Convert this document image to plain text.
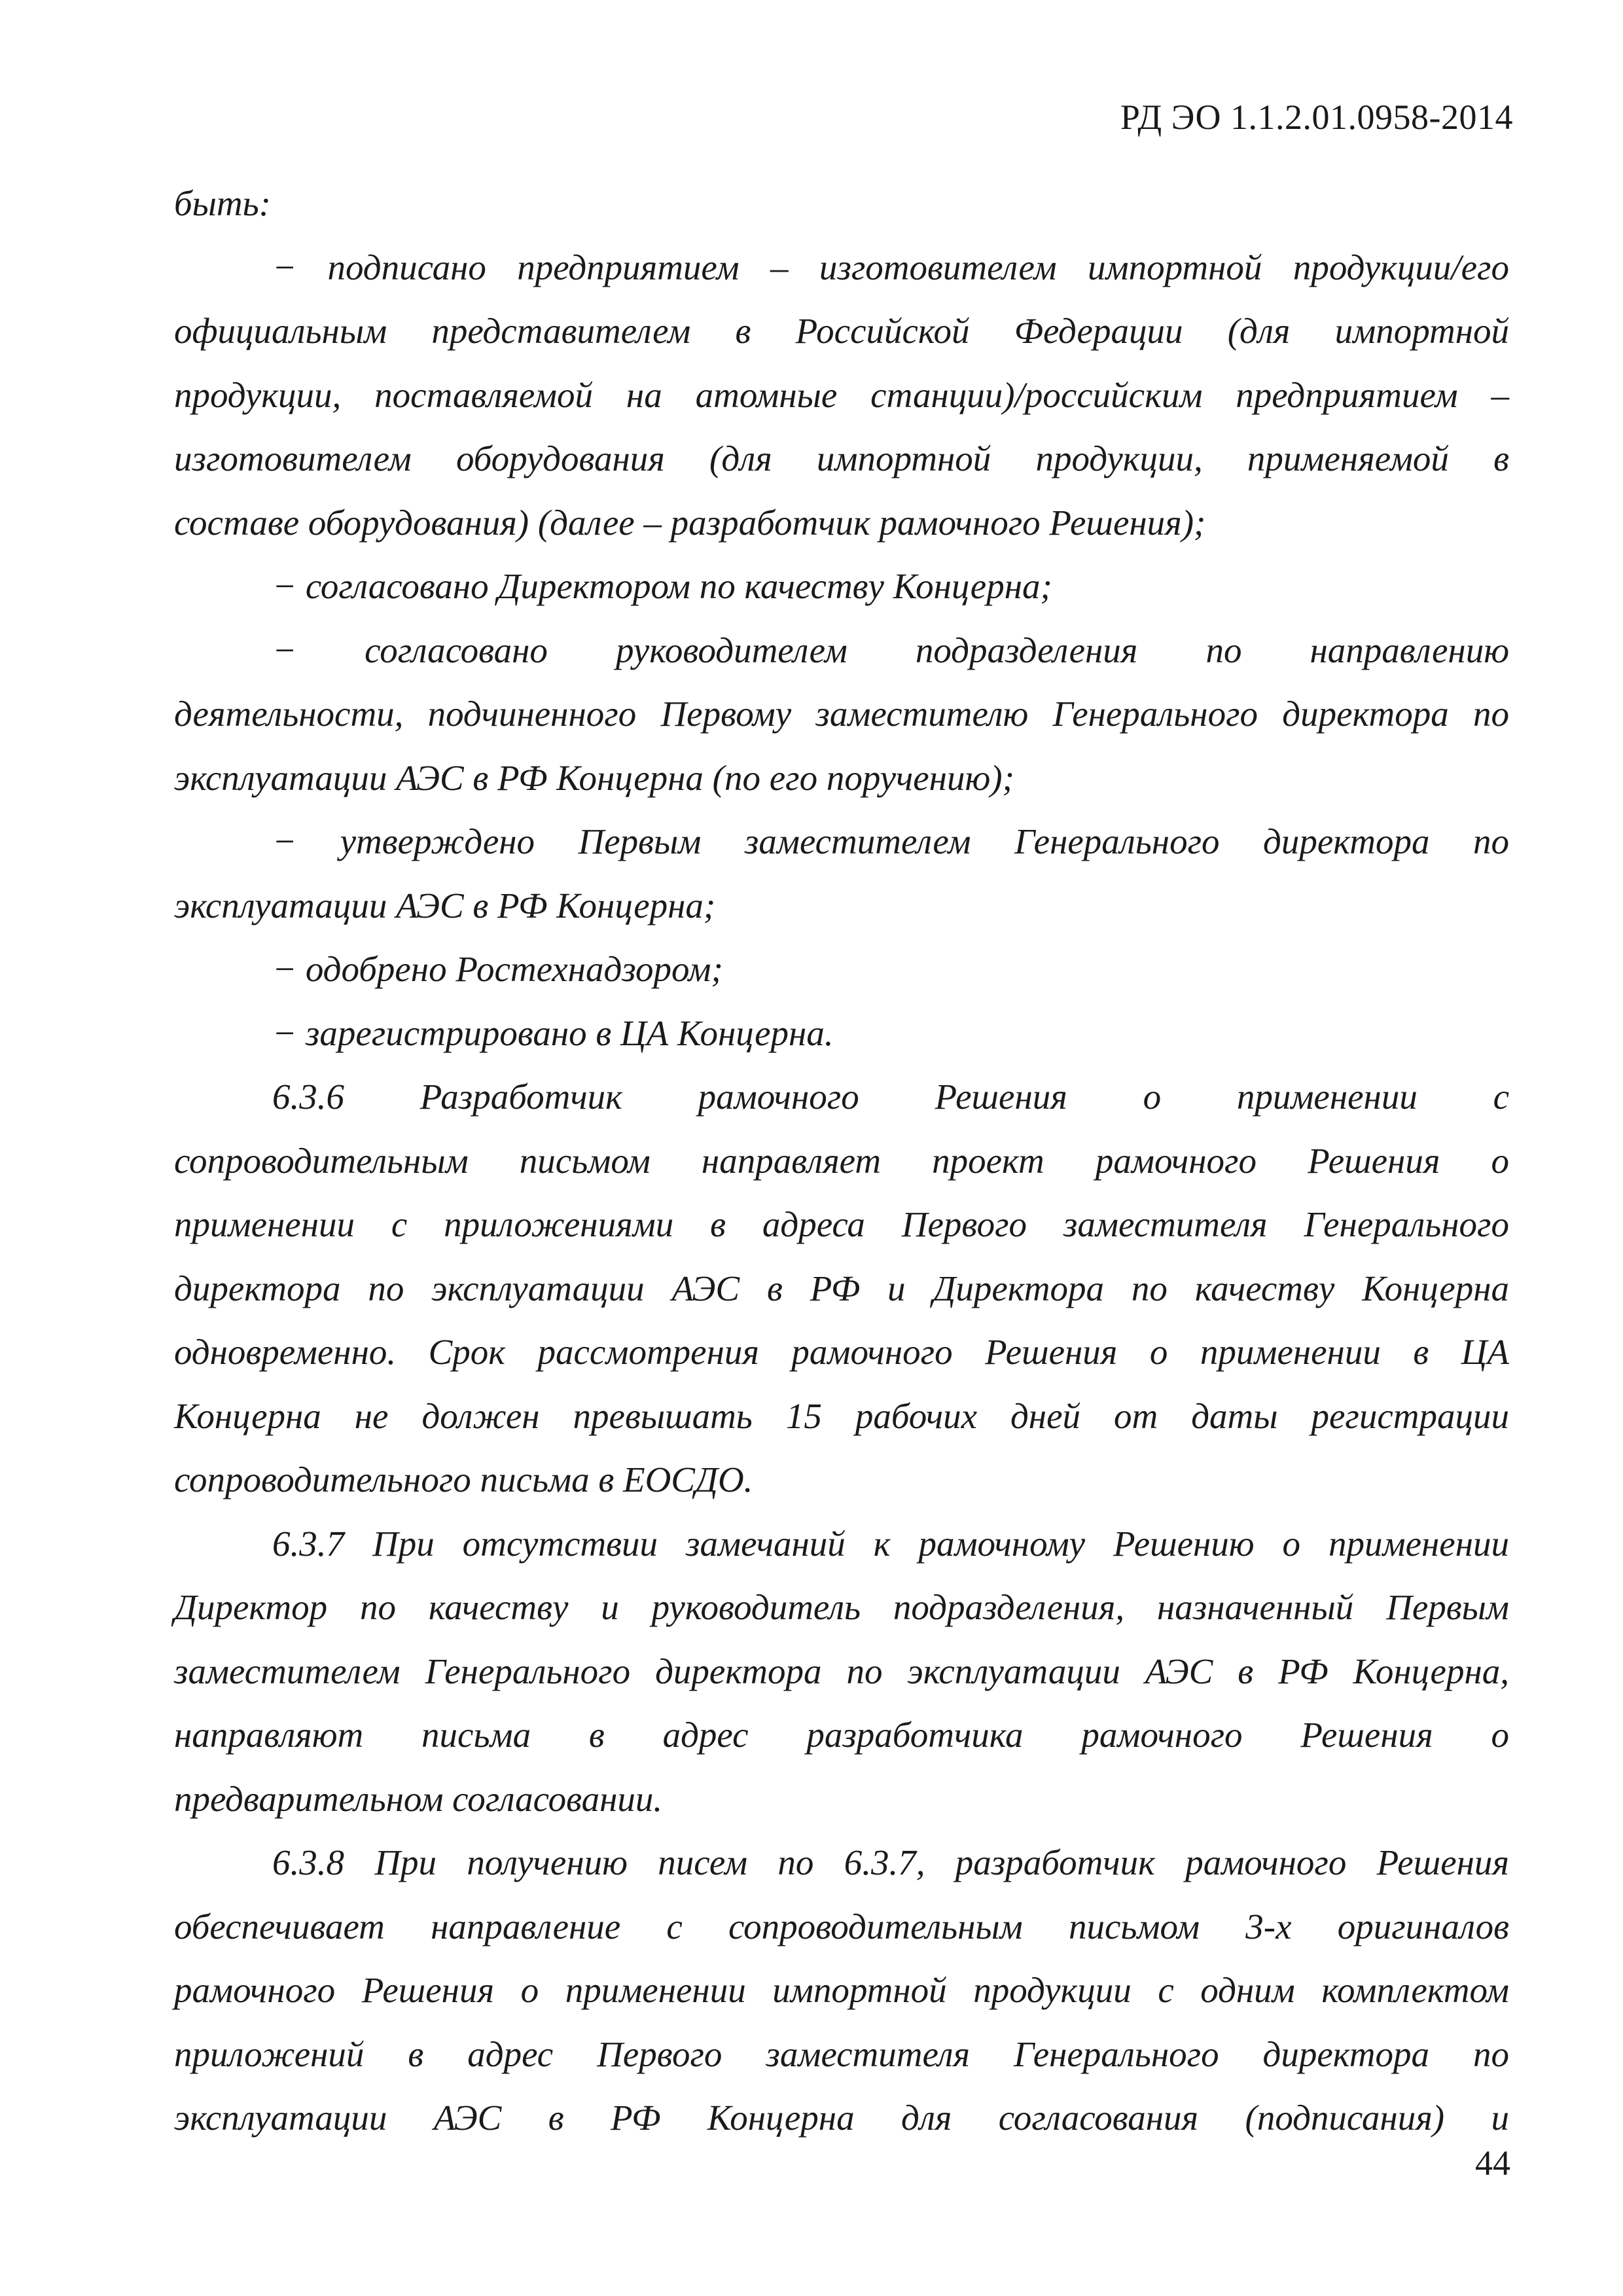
РД ЭО 1.1.2.01.0958-2014
быть:
− подписано предприятием – изготовителем импортной продукции/его
официальным представителем в Российской Федерации (для импортной
продукции, поставляемой на атомные станции)/российским предприятием –
изготовителем оборудования (для импортной продукции, применяемой в
составе оборудования) (далее – разработчик рамочного Решения);
− согласовано Директором по качеству Концерна;
− согласовано руководителем подразделения по направлению
деятельности, подчиненного Первому заместителю Генерального директора по
эксплуатации АЭС в РФ Концерна (по его поручению);
− утверждено Первым заместителем Генерального директора по
эксплуатации АЭС в РФ Концерна;
− одобрено Ростехнадзором;
− зарегистрировано в ЦА Концерна.
6.3.6 Разработчик рамочного Решения о применении с
сопроводительным письмом направляет проект рамочного Решения о
применении с приложениями в адреса Первого заместителя Генерального
директора по эксплуатации АЭС в РФ и Директора по качеству Концерна
одновременно. Срок рассмотрения рамочного Решения о применении в ЦА
Концерна не должен превышать 15 рабочих дней от даты регистрации
сопроводительного письма в ЕОСДО.
6.3.7 При отсутствии замечаний к рамочному Решению о применении
Директор по качеству и руководитель подразделения, назначенный Первым
заместителем Генерального директора по эксплуатации АЭС в РФ Концерна,
направляют письма в адрес разработчика рамочного Решения о
предварительном согласовании.
6.3.8 При получению писем по 6.3.7, разработчик рамочного Решения
обеспечивает направление с сопроводительным письмом 3-х оригиналов
рамочного Решения о применении импортной продукции с одним комплектом
приложений в адрес Первого заместителя Генерального директора по
эксплуатации АЭС в РФ Концерна для согласования (подписания) и
44
